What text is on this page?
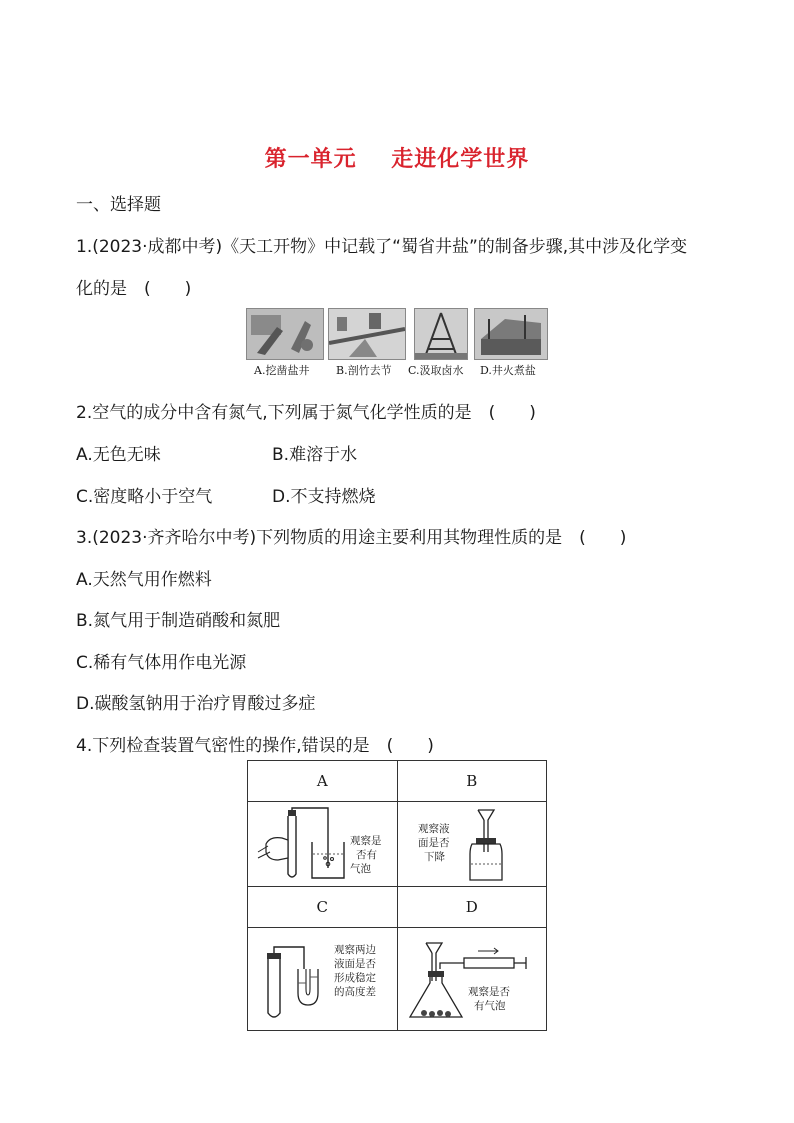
第一单元    走进化学世界
一、选择题
1.(2023·成都中考)《天工开物》中记载了“蜀省井盐”的制备步骤,其中涉及化学变
化的是　(　　)
A.挖凿盐井 B.剖竹去节 C.汲取卤水 D.井火煮盐
2.空气的成分中含有氮气,下列属于氮气化学性质的是　(　　)
A.无色无味	B.难溶于水
C.密度略小于空气	D.不支持燃烧
3.(2023·齐齐哈尔中考)下列物质的用途主要利用其物理性质的是　(　　)
A.天然气用作燃料
B.氮气用于制造硝酸和氮肥
C.稀有气体用作电光源
D.碳酸氢钠用于治疗胃酸过多症
4.下列检查装置气密性的操作,错误的是　(　　)
A	B

观察是
否有
气泡	观察液
面是否
下降

C	D

观察两边
液面是否
形成稳定
的高度差	观察是否
有气泡
